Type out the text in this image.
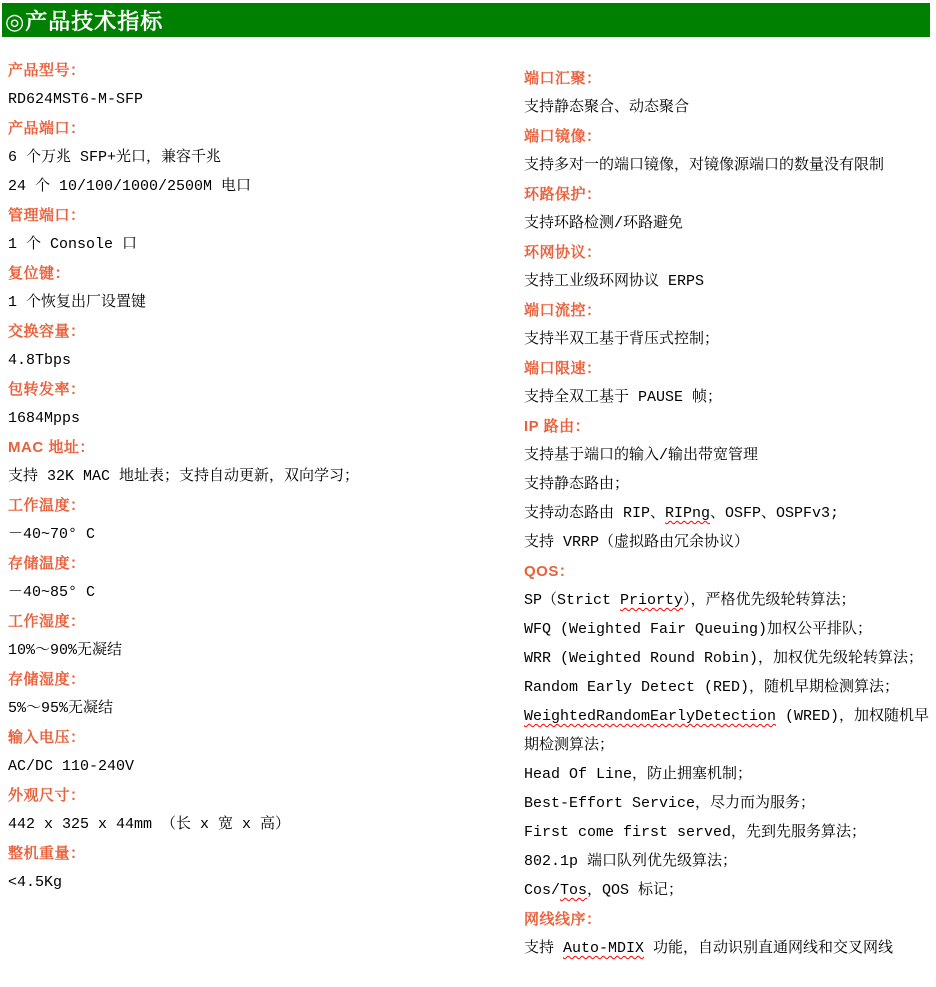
◎产品技术指标

产品型号：

RD624MST6-M-SFP

产品端口：

6 个万兆 SFP+光口，兼容千兆

24 个 10/100/1000/2500M 电口

管理端口：

1 个 Console 口

复位键：

1 个恢复出厂设置键

交换容量：

4.8Tbps

包转发率：

1684Mpps

MAC 地址：

支持 32K MAC 地址表；支持自动更新，双向学习；

工作温度：

－40~70° C

存储温度：

－40~85° C

工作湿度：

10%～90%无凝结

存储湿度：

5%～95%无凝结

输入电压：

AC/DC 110-240V

外观尺寸：

442 x 325 x 44mm （长 x 宽 x 高）

整机重量：

<4.5Kg

端口汇聚：

支持静态聚合、动态聚合

端口镜像：

支持多对一的端口镜像，对镜像源端口的数量没有限制

环路保护：

支持环路检测/环路避免

环网协议：

支持工业级环网协议 ERPS

端口流控：

支持半双工基于背压式控制；

端口限速：

支持全双工基于 PAUSE 帧；

IP 路由：

支持基于端口的输入/输出带宽管理

支持静态路由；

支持动态路由 RIP、RIPng、OSFP、OSPFv3;

支持 VRRP（虚拟路由冗余协议）

QOS：

SP（Strict Priorty），严格优先级轮转算法；

WFQ (Weighted Fair Queuing)加权公平排队；

WRR (Weighted Round Robin)，加权优先级轮转算法；

Random Early Detect (RED)，随机早期检测算法；

WeightedRandomEarlyDetection (WRED)，加权随机早期检测算法；

Head Of Line，防止拥塞机制；

Best-Effort Service，尽力而为服务；

First come first served，先到先服务算法；

802.1p 端口队列优先级算法；

Cos/Tos，QOS 标记；

网线线序：

支持 Auto-MDIX 功能，自动识别直通网线和交叉网线
